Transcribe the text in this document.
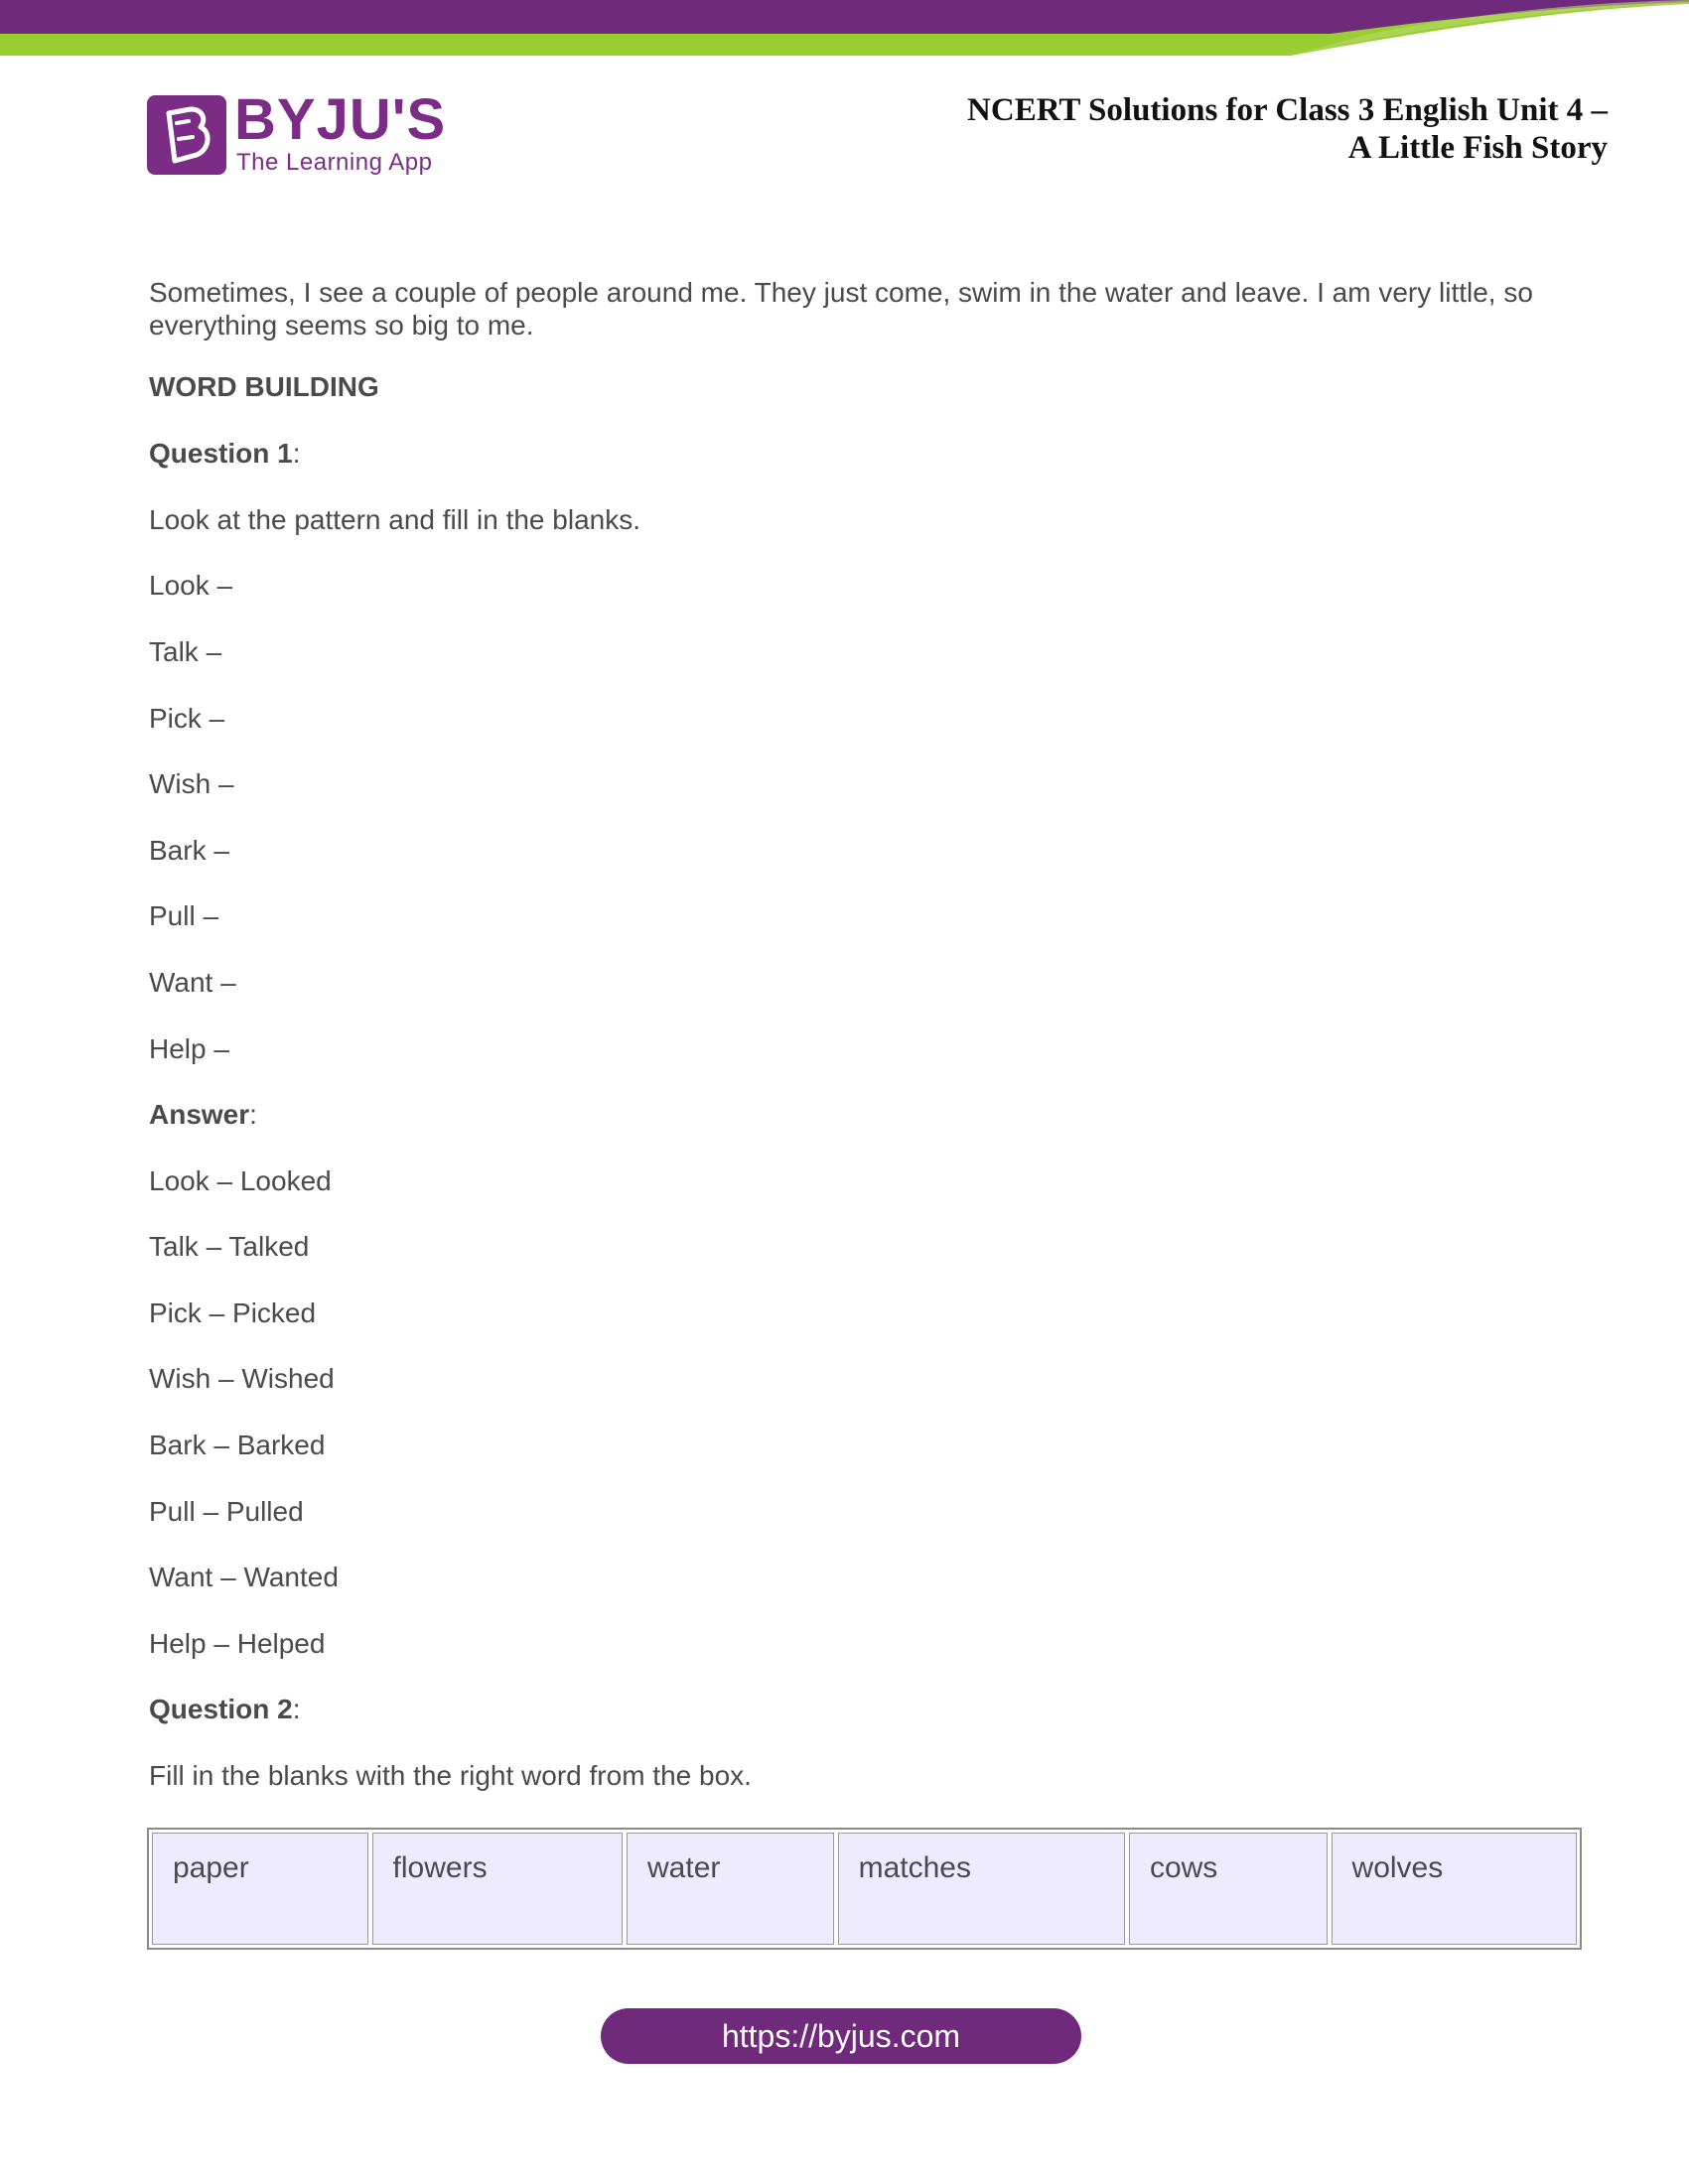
BYJU'S
The Learning App
NCERT Solutions for Class 3 English Unit 4 –
A Little Fish Story

Sometimes, I see a couple of people around me. They just come, swim in the water and leave. I am very little, so everything seems so big to me.

WORD BUILDING
Question 1:
Look at the pattern and fill in the blanks.
Look –
Talk –
Pick –
Wish –
Bark –
Pull –
Want –
Help –
Answer:
Look – Looked
Talk – Talked
Pick – Picked
Wish – Wished
Bark – Barked
Pull – Pulled
Want – Wanted
Help – Helped
Question 2:
Fill in the blanks with the right word from the box.
paper	flowers	water	matches	cows	wolves
https://byjus.com
